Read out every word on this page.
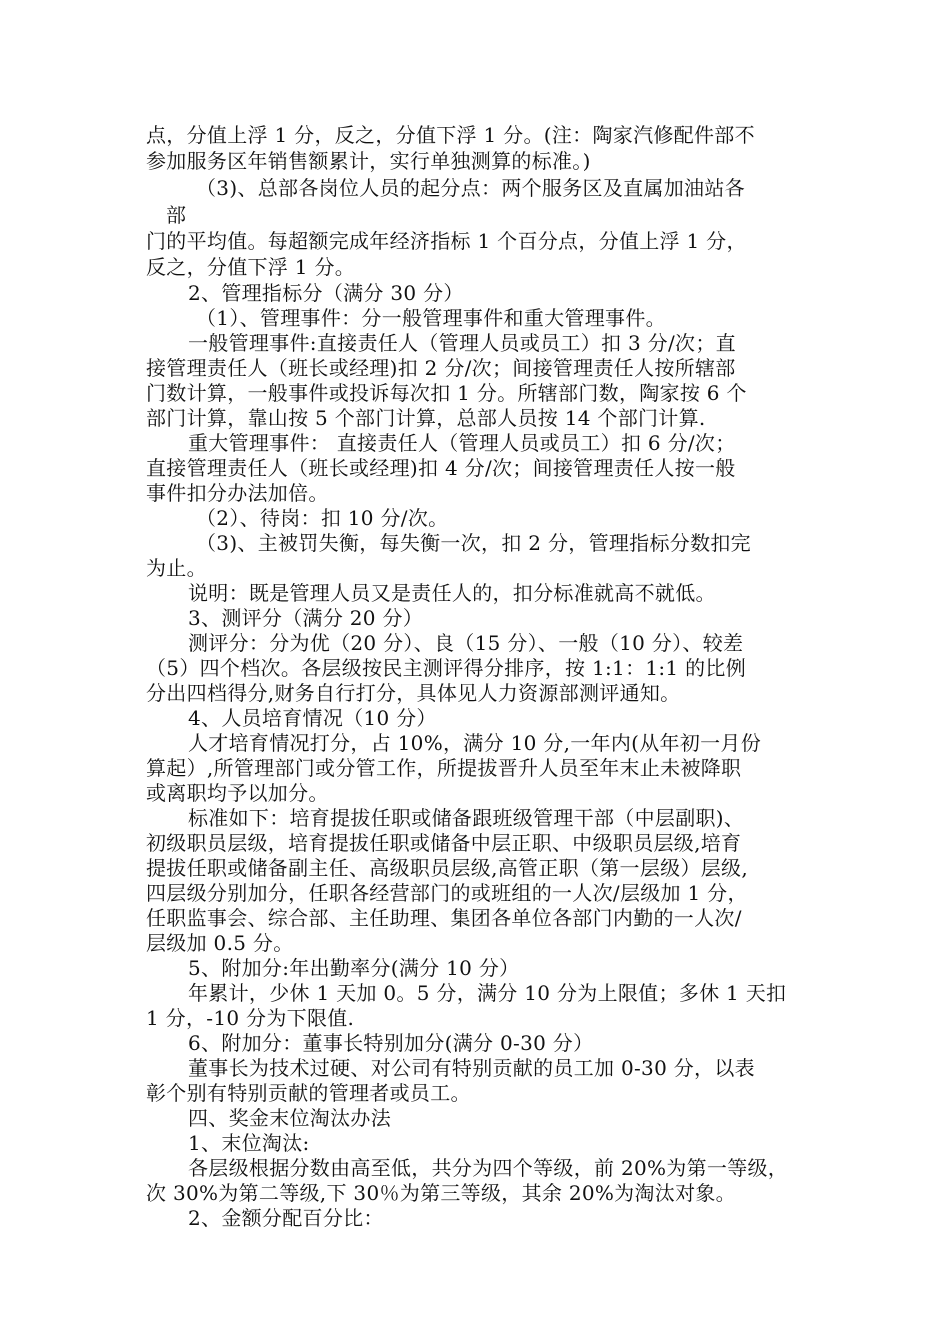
点，分值上浮 1 分，反之，分值下浮 1 分。(注：陶家汽修配件部不
参加服务区年销售额累计，实行单独测算的标准。)
（3)、总部各岗位人员的起分点：两个服务区及直属加油站各
部
门的平均值。每超额完成年经济指标 1 个百分点，分值上浮 1 分，
反之，分值下浮 1 分。
2、管理指标分（满分 30 分）
（1）、管理事件：分一般管理事件和重大管理事件。
一般管理事件:直接责任人（管理人员或员工）扣 3 分/次；直
接管理责任人（班长或经理)扣 2 分/次；间接管理责任人按所辖部
门数计算，一般事件或投诉每次扣 1 分。所辖部门数，陶家按 6 个
部门计算，靠山按 5 个部门计算，总部人员按 14 个部门计算.
重大管理事件： 直接责任人（管理人员或员工）扣 6 分/次；
直接管理责任人（班长或经理)扣 4 分/次；间接管理责任人按一般
事件扣分办法加倍。
（2）、待岗：扣 10 分/次。
（3)、主被罚失衡，每失衡一次，扣 2 分，管理指标分数扣完
为止。
说明：既是管理人员又是责任人的，扣分标准就高不就低。
3、测评分（满分 20 分）
测评分：分为优（20 分）、良（15 分）、一般（10 分）、较差
（5）四个档次。各层级按民主测评得分排序，按 1:1：1:1 的比例
分出四档得分,财务自行打分，具体见人力资源部测评通知。
4、人员培育情况（10 分）
人才培育情况打分，占 10%，满分 10 分,一年内(从年初一月份
算起）,所管理部门或分管工作，所提拔晋升人员至年末止未被降职
或离职均予以加分。
标准如下：培育提拔任职或储备跟班级管理干部（中层副职)、
初级职员层级，培育提拔任职或储备中层正职、中级职员层级,培育
提拔任职或储备副主任、高级职员层级,高管正职（第一层级）层级,
四层级分别加分，任职各经营部门的或班组的一人次/层级加 1 分，
任职监事会、综合部、主任助理、集团各单位各部门内勤的一人次/
层级加 0.5 分。
5、附加分:年出勤率分(满分 10 分）
年累计，少休 1 天加 0。5 分，满分 10 分为上限值；多休 1 天扣
1 分，-10 分为下限值.
6、附加分：董事长特别加分(满分 0-30 分）
董事长为技术过硬、对公司有特别贡献的员工加 0-30 分，以表
彰个别有特别贡献的管理者或员工。
四、奖金末位淘汰办法
1、末位淘汰:
各层级根据分数由高至低，共分为四个等级，前 20%为第一等级，
次 30%为第二等级,下 30％为第三等级，其余 20%为淘汰对象。
2、金额分配百分比：
